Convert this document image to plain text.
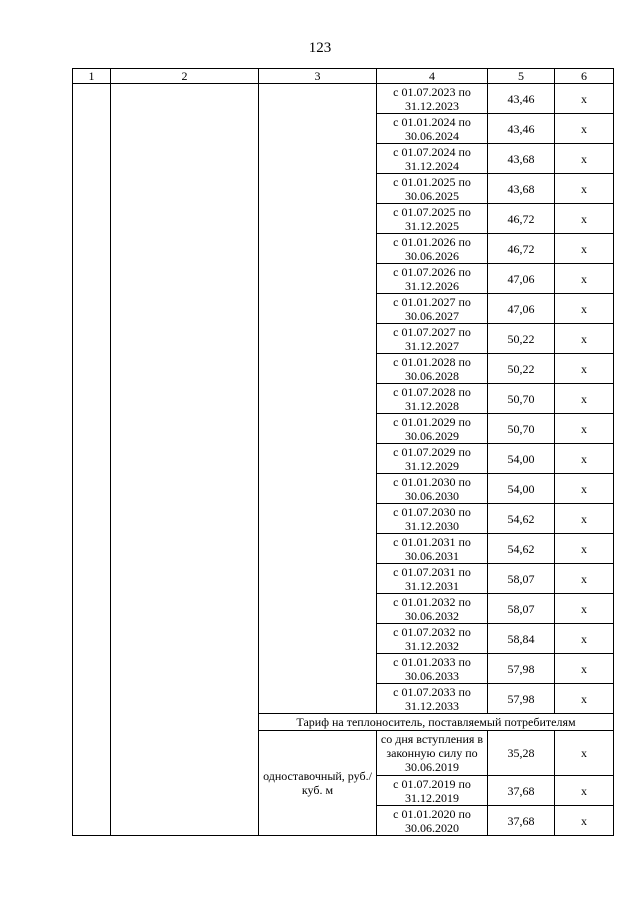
123
1	2	3	4	5	6
			с 01.07.2023 по 31.12.2023	43,46	х
			с 01.01.2024 по 30.06.2024	43,46	х
			с 01.07.2024 по 31.12.2024	43,68	х
			с 01.01.2025 по 30.06.2025	43,68	х
			с 01.07.2025 по 31.12.2025	46,72	х
			с 01.01.2026 по 30.06.2026	46,72	х
			с 01.07.2026 по 31.12.2026	47,06	х
			с 01.01.2027 по 30.06.2027	47,06	х
			с 01.07.2027 по 31.12.2027	50,22	х
			с 01.01.2028 по 30.06.2028	50,22	х
			с 01.07.2028 по 31.12.2028	50,70	х
			с 01.01.2029 по 30.06.2029	50,70	х
			с 01.07.2029 по 31.12.2029	54,00	х
			с 01.01.2030 по 30.06.2030	54,00	х
			с 01.07.2030 по 31.12.2030	54,62	х
			с 01.01.2031 по 30.06.2031	54,62	х
			с 01.07.2031 по 31.12.2031	58,07	х
			с 01.01.2032 по 30.06.2032	58,07	х
			с 01.07.2032 по 31.12.2032	58,84	х
			с 01.01.2033 по 30.06.2033	57,98	х
			с 01.07.2033 по 31.12.2033	57,98	х
		Тариф на теплоноситель, поставляемый потребителям			
		одноставочный, руб./куб. м	со дня вступления в законную силу по 30.06.2019	35,28	х
			с 01.07.2019 по 31.12.2019	37,68	х
			с 01.01.2020 по 30.06.2020	37,68	х
